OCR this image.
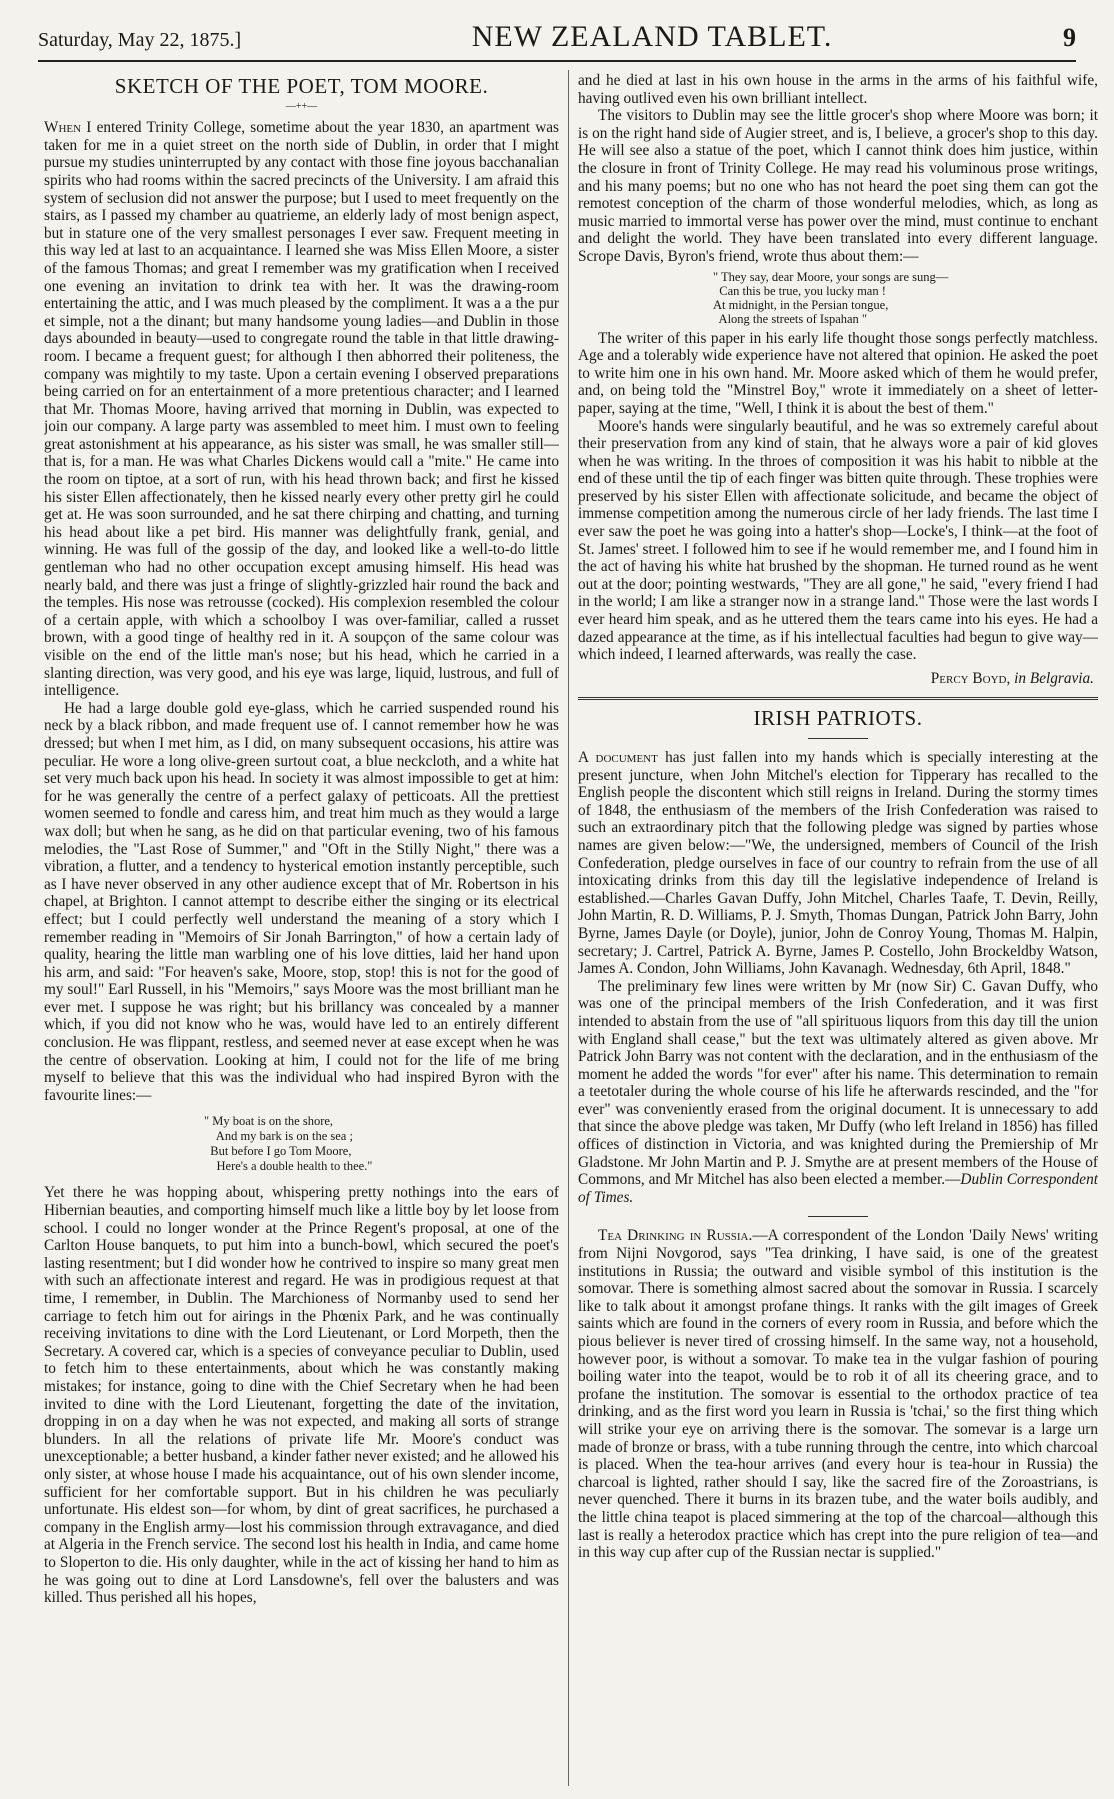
Saturday, May 22, 1875.]	NEW ZEALAND TABLET.	9
SKETCH OF THE POET, TOM MOORE.
—++—

When I entered Trinity College, sometime about the year 1830, an apartment was taken for me in a quiet street on the north side of Dublin, in order that I might pursue my studies uninterrupted by any contact with those fine joyous bacchanalian spirits who had rooms within the sacred precincts of the University. I am afraid this system of seclusion did not answer the purpose; but I used to meet frequently on the stairs, as I passed my chamber au quatrieme, an elderly lady of most benign aspect, but in stature one of the very smallest personages I ever saw. Frequent meeting in this way led at last to an acquaintance. I learned she was Miss Ellen Moore, a sister of the famous Thomas; and great I remember was my gratification when I received one evening an invitation to drink tea with her. It was the drawing-room entertaining the attic, and I was much pleased by the compliment. It was a a the pur et simple, not a the dinant; but many handsome young ladies—and Dublin in those days abounded in beauty—used to congregate round the table in that little drawing-room. I became a frequent guest; for although I then abhorred their politeness, the company was mightily to my taste. Upon a certain evening I observed preparations being carried on for an entertainment of a more pretentious character; and I learned that Mr. Thomas Moore, having arrived that morning in Dublin, was expected to join our company. A large party was assembled to meet him. I must own to feeling great astonishment at his appearance, as his sister was small, he was smaller still—that is, for a man. He was what Charles Dickens would call a "mite." He came into the room on tiptoe, at a sort of run, with his head thrown back; and first he kissed his sister Ellen affectionately, then he kissed nearly every other pretty girl he could get at. He was soon surrounded, and he sat there chirping and chatting, and turning his head about like a pet bird. His manner was delightfully frank, genial, and winning. He was full of the gossip of the day, and looked like a well-to-do little gentleman who had no other occupation except amusing himself. His head was nearly bald, and there was just a fringe of slightly-grizzled hair round the back and the temples. His nose was retrousse (cocked). His complexion resembled the colour of a certain apple, with which a schoolboy I was over-familiar, called a russet brown, with a good tinge of healthy red in it. A soupçon of the same colour was visible on the end of the little man's nose; but his head, which he carried in a slanting direction, was very good, and his eye was large, liquid, lustrous, and full of intelligence.

He had a large double gold eye-glass, which he carried suspended round his neck by a black ribbon, and made frequent use of. I cannot remember how he was dressed; but when I met him, as I did, on many subsequent occasions, his attire was peculiar. He wore a long olive-green surtout coat, a blue neckcloth, and a white hat set very much back upon his head. In society it was almost impossible to get at him: for he was generally the centre of a perfect galaxy of petticoats. All the prettiest women seemed to fondle and caress him, and treat him much as they would a large wax doll; but when he sang, as he did on that particular evening, two of his famous melodies, the "Last Rose of Summer," and "Oft in the Stilly Night," there was a vibration, a flutter, and a tendency to hysterical emotion instantly perceptible, such as I have never observed in any other audience except that of Mr. Robertson in his chapel, at Brighton. I cannot attempt to describe either the singing or its electrical effect; but I could perfectly well understand the meaning of a story which I remember reading in "Memoirs of Sir Jonah Barrington," of how a certain lady of quality, hearing the little man warbling one of his love ditties, laid her hand upon his arm, and said: "For heaven's sake, Moore, stop, stop! this is not for the good of my soul!" Earl Russell, in his "Memoirs," says Moore was the most brilliant man he ever met. I suppose he was right; but his brillancy was concealed by a manner which, if you did not know who he was, would have led to an entirely different conclusion. He was flippant, restless, and seemed never at ease except when he was the centre of observation. Looking at him, I could not for the life of me bring myself to believe that this was the individual who had inspired Byron with the favourite lines:—

" My boat is on the shore,
And my bark is on the sea ;
But before I go Tom Moore,
Here's a double health to thee."

Yet there he was hopping about, whispering pretty nothings into the ears of Hibernian beauties, and comporting himself much like a little boy by let loose from school. I could no longer wonder at the Prince Regent's proposal, at one of the Carlton House banquets, to put him into a bunch-bowl, which secured the poet's lasting resentment; but I did wonder how he contrived to inspire so many great men with such an affectionate interest and regard. He was in prodigious request at that time, I remember, in Dublin. The Marchioness of Normanby used to send her carriage to fetch him out for airings in the Phœnix Park, and he was continually receiving invitations to dine with the Lord Lieutenant, or Lord Morpeth, then the Secretary. A covered car, which is a species of conveyance peculiar to Dublin, used to fetch him to these entertainments, about which he was constantly making mistakes; for instance, going to dine with the Chief Secretary when he had been invited to dine with the Lord Lieutenant, forgetting the date of the invitation, dropping in on a day when he was not expected, and making all sorts of strange blunders. In all the relations of private life Mr. Moore's conduct was unexceptionable; a better husband, a kinder father never existed; and he allowed his only sister, at whose house I made his acquaintance, out of his own slender income, sufficient for her comfortable support. But in his children he was peculiarly unfortunate. His eldest son—for whom, by dint of great sacrifices, he purchased a company in the English army—lost his commission through extravagance, and died at Algeria in the French service. The second lost his health in India, and came home to Sloperton to die. His only daughter, while in the act of kissing her hand to him as he was going out to dine at Lord Lansdowne's, fell over the balusters and was killed. Thus perished all his hopes,

and he died at last in his own house in the arms in the arms of his faithful wife, having outlived even his own brilliant intellect.

The visitors to Dublin may see the little grocer's shop where Moore was born; it is on the right hand side of Augier street, and is, I believe, a grocer's shop to this day. He will see also a statue of the poet, which I cannot think does him justice, within the closure in front of Trinity College. He may read his voluminous prose writings, and his many poems; but no one who has not heard the poet sing them can got the remotest conception of the charm of those wonderful melodies, which, as long as music married to immortal verse has power over the mind, must continue to enchant and delight the world. They have been translated into every different language. Scrope Davis, Byron's friend, wrote thus about them:—

" They say, dear Moore, your songs are sung—
Can this be true, you lucky man !
At midnight, in the Persian tongue,
Along the streets of Ispahan "

The writer of this paper in his early life thought those songs perfectly matchless. Age and a tolerably wide experience have not altered that opinion. He asked the poet to write him one in his own hand. Mr. Moore asked which of them he would prefer, and, on being told the "Minstrel Boy," wrote it immediately on a sheet of letter-paper, saying at the time, "Well, I think it is about the best of them."

Moore's hands were singularly beautiful, and he was so extremely careful about their preservation from any kind of stain, that he always wore a pair of kid gloves when he was writing. In the throes of composition it was his habit to nibble at the end of these until the tip of each finger was bitten quite through. These trophies were preserved by his sister Ellen with affectionate solicitude, and became the object of immense competition among the numerous circle of her lady friends. The last time I ever saw the poet he was going into a hatter's shop—Locke's, I think—at the foot of St. James' street. I followed him to see if he would remember me, and I found him in the act of having his white hat brushed by the shopman. He turned round as he went out at the door; pointing westwards, "They are all gone," he said, "every friend I had in the world; I am like a stranger now in a strange land." Those were the last words I ever heard him speak, and as he uttered them the tears came into his eyes. He had a dazed appearance at the time, as if his intellectual faculties had begun to give way—which indeed, I learned afterwards, was really the case.

Percy Boyd, in Belgravia.
IRISH PATRIOTS.

A document has just fallen into my hands which is specially interesting at the present juncture, when John Mitchel's election for Tipperary has recalled to the English people the discontent which still reigns in Ireland. During the stormy times of 1848, the enthusiasm of the members of the Irish Confederation was raised to such an extraordinary pitch that the following pledge was signed by parties whose names are given below:—"We, the undersigned, members of Council of the Irish Confederation, pledge ourselves in face of our country to refrain from the use of all intoxicating drinks from this day till the legislative independence of Ireland is established.—Charles Gavan Duffy, John Mitchel, Charles Taafe, T. Devin, Reilly, John Martin, R. D. Williams, P. J. Smyth, Thomas Dungan, Patrick John Barry, John Byrne, James Dayle (or Doyle), junior, John de Conroy Young, Thomas M. Halpin, secretary; J. Cartrel, Patrick A. Byrne, James P. Costello, John Brockeldby Watson, James A. Condon, John Williams, John Kavanagh. Wednesday, 6th April, 1848."

The preliminary few lines were written by Mr (now Sir) C. Gavan Duffy, who was one of the principal members of the Irish Confederation, and it was first intended to abstain from the use of "all spirituous liquors from this day till the union with England shall cease," but the text was ultimately altered as given above. Mr Patrick John Barry was not content with the declaration, and in the enthusiasm of the moment he added the words "for ever" after his name. This determination to remain a teetotaler during the whole course of his life he afterwards rescinded, and the "for ever" was conveniently erased from the original document. It is unnecessary to add that since the above pledge was taken, Mr Duffy (who left Ireland in 1856) has filled offices of distinction in Victoria, and was knighted during the Premiership of Mr Gladstone. Mr John Martin and P. J. Smythe are at present members of the House of Commons, and Mr Mitchel has also been elected a member.—Dublin Correspondent of Times.

Tea Drinking in Russia.—A correspondent of the London 'Daily News' writing from Nijni Novgorod, says "Tea drinking, I have said, is one of the greatest institutions in Russia; the outward and visible symbol of this institution is the somovar. There is something almost sacred about the somovar in Russia. I scarcely like to talk about it amongst profane things. It ranks with the gilt images of Greek saints which are found in the corners of every room in Russia, and before which the pious believer is never tired of crossing himself. In the same way, not a household, however poor, is without a somovar. To make tea in the vulgar fashion of pouring boiling water into the teapot, would be to rob it of all its cheering grace, and to profane the institution. The somovar is essential to the orthodox practice of tea drinking, and as the first word you learn in Russia is 'tchai,' so the first thing which will strike your eye on arriving there is the somovar. The somevar is a large urn made of bronze or brass, with a tube running through the centre, into which charcoal is placed. When the tea-hour arrives (and every hour is tea-hour in Russia) the charcoal is lighted, rather should I say, like the sacred fire of the Zoroastrians, is never quenched. There it burns in its brazen tube, and the water boils audibly, and the little china teapot is placed simmering at the top of the charcoal—although this last is really a heterodox practice which has crept into the pure religion of tea—and in this way cup after cup of the Russian nectar is supplied."
